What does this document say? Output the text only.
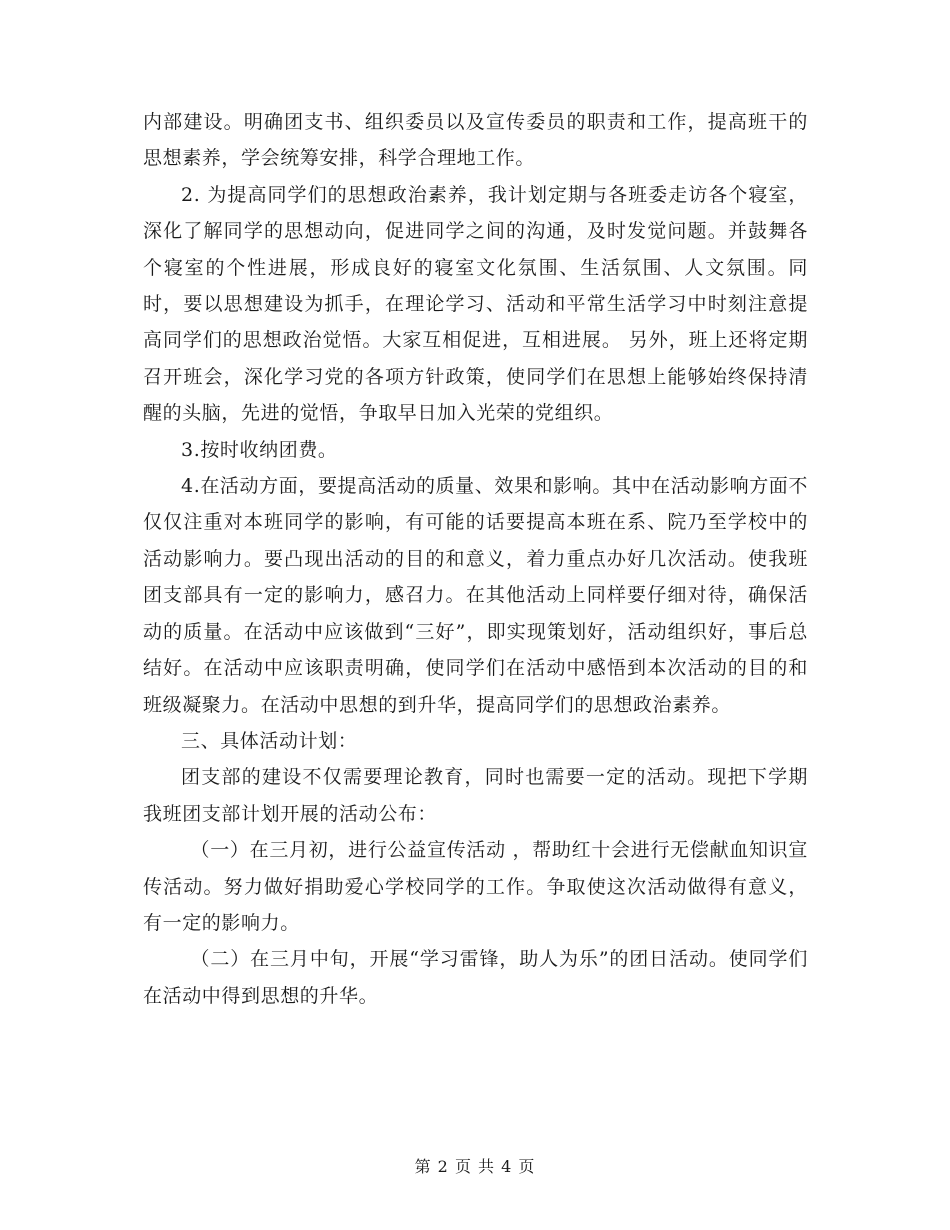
内部建设。明确团支书、组织委员以及宣传委员的职责和工作，提高班干的思想素养，学会统筹安排，科学合理地工作。

2. 为提高同学们的思想政治素养，我计划定期与各班委走访各个寝室，深化了解同学的思想动向，促进同学之间的沟通，及时发觉问题。并鼓舞各个寝室的个性进展，形成良好的寝室文化氛围、生活氛围、人文氛围。同时，要以思想建设为抓手，在理论学习、活动和平常生活学习中时刻注意提高同学们的思想政治觉悟。大家互相促进，互相进展。 另外，班上还将定期召开班会，深化学习党的各项方针政策，使同学们在思想上能够始终保持清醒的头脑，先进的觉悟，争取早日加入光荣的党组织。

3.按时收纳团费。

4.在活动方面，要提高活动的质量、效果和影响。其中在活动影响方面不仅仅注重对本班同学的影响，有可能的话要提高本班在系、院乃至学校中的活动影响力。要凸现出活动的目的和意义，着力重点办好几次活动。使我班团支部具有一定的影响力，感召力。在其他活动上同样要仔细对待，确保活动的质量。在活动中应该做到“三好”，即实现策划好，活动组织好，事后总结好。在活动中应该职责明确，使同学们在活动中感悟到本次活动的目的和班级凝聚力。在活动中思想的到升华，提高同学们的思想政治素养。

三、具体活动计划：

团支部的建设不仅需要理论教育，同时也需要一定的活动。现把下学期我班团支部计划开展的活动公布：

（一）在三月初，进行公益宣传活动 ，帮助红十会进行无偿献血知识宣传活动。努力做好捐助爱心学校同学的工作。争取使这次活动做得有意义，有一定的影响力。

（二）在三月中旬，开展“学习雷锋，助人为乐”的团日活动。使同学们在活动中得到思想的升华。

第 2 页 共 4 页
